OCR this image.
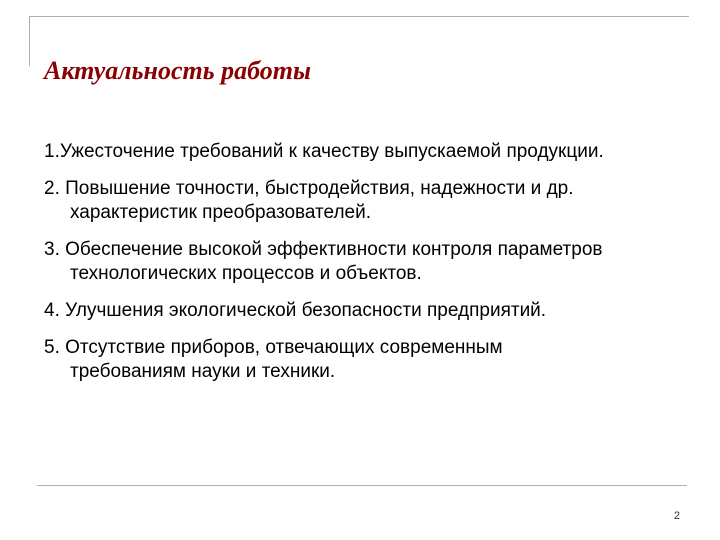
Актуальность работы
1.Ужесточение требований к качеству выпускаемой продукции.
2. Повышение точности, быстродействия, надежности и др.
характеристик преобразователей.
3. Обеспечение высокой эффективности контроля параметров
технологических процессов и объектов.
4. Улучшения экологической безопасности предприятий.
5. Отсутствие приборов, отвечающих современным
требованиям науки и техники.
2
